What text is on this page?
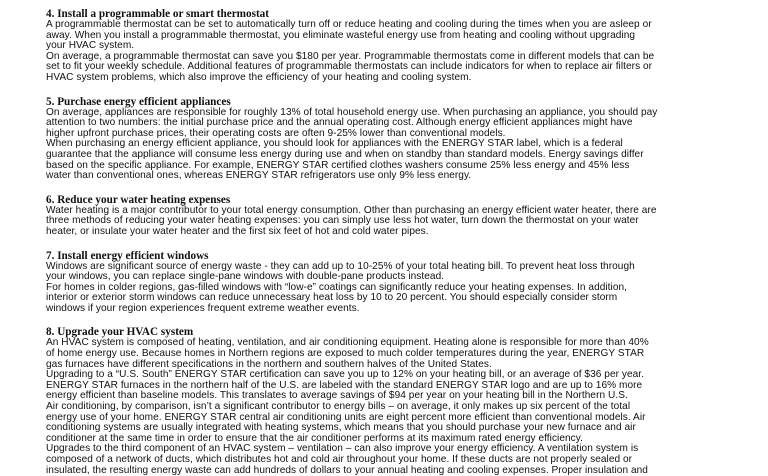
4. Install a programmable or smart thermostat
A programmable thermostat can be set to automatically turn off or reduce heating and cooling during the times when you are asleep or
away. When you install a programmable thermostat, you eliminate wasteful energy use from heating and cooling without upgrading
your HVAC system.
On average, a programmable thermostat can save you $180 per year. Programmable thermostats come in different models that can be
set to fit your weekly schedule. Additional features of programmable thermostats can include indicators for when to replace air filters or
HVAC system problems, which also improve the efficiency of your heating and cooling system.
5. Purchase energy efficient appliances
On average, appliances are responsible for roughly 13% of total household energy use. When purchasing an appliance, you should pay
attention to two numbers: the initial purchase price and the annual operating cost. Although energy efficient appliances might have
higher upfront purchase prices, their operating costs are often 9-25% lower than conventional models.
When purchasing an energy efficient appliance, you should look for appliances with the ENERGY STAR label, which is a federal
guarantee that the appliance will consume less energy during use and when on standby than standard models. Energy savings differ
based on the specific appliance. For example, ENERGY STAR certified clothes washers consume 25% less energy and 45% less
water than conventional ones, whereas ENERGY STAR refrigerators use only 9% less energy.
6. Reduce your water heating expenses
Water heating is a major contributor to your total energy consumption. Other than purchasing an energy efficient water heater, there are
three methods of reducing your water heating expenses: you can simply use less hot water, turn down the thermostat on your water
heater, or insulate your water heater and the first six feet of hot and cold water pipes.
7. Install energy efficient windows
Windows are significant source of energy waste - they can add up to 10-25% of your total heating bill. To prevent heat loss through
your windows, you can replace single-pane windows with double-pane products instead.
For homes in colder regions, gas-filled windows with “low-e” coatings can significantly reduce your heating expenses. In addition,
interior or exterior storm windows can reduce unnecessary heat loss by 10 to 20 percent. You should especially consider storm
windows if your region experiences frequent extreme weather events.
8. Upgrade your HVAC system
An HVAC system is composed of heating, ventilation, and air conditioning equipment. Heating alone is responsible for more than 40%
of home energy use. Because homes in Northern regions are exposed to much colder temperatures during the year, ENERGY STAR
gas furnaces have different specifications in the northern and southern halves of the United States.
Upgrading to a “U.S. South” ENERGY STAR certification can save you up to 12% on your heating bill, or an average of $36 per year.
ENERGY STAR furnaces in the northern half of the U.S. are labeled with the standard ENERGY STAR logo and are up to 16% more
energy efficient than baseline models. This translates to average savings of $94 per year on your heating bill in the Northern U.S.
Air conditioning, by comparison, isn’t a significant contributor to energy bills – on average, it only makes up six percent of the total
energy use of your home. ENERGY STAR central air conditioning units are eight percent more efficient than conventional models. Air
conditioning systems are usually integrated with heating systems, which means that you should purchase your new furnace and air
conditioner at the same time in order to ensure that the air conditioner performs at its maximum rated energy efficiency.
Upgrades to the third component of an HVAC system – ventilation – can also improve your energy efficiency. A ventilation system is
composed of a network of ducts, which distributes hot and cold air throughout your home. If these ducts are not properly sealed or
insulated, the resulting energy waste can add hundreds of dollars to your annual heating and cooling expenses. Proper insulation and
